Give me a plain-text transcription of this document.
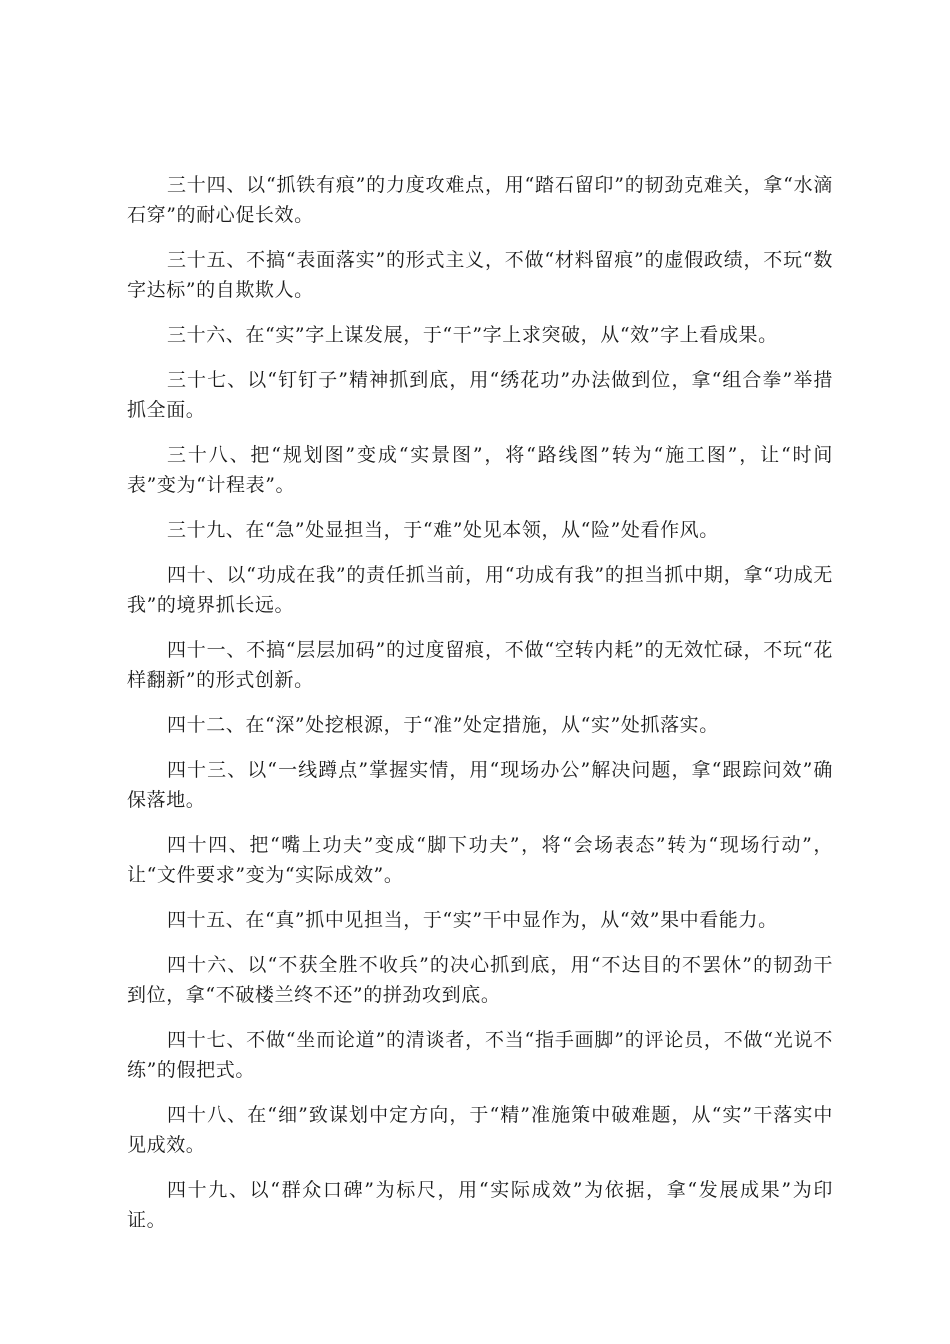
三十四、以“抓铁有痕”的力度攻难点，用“踏石留印”的韧劲克难关，拿“水滴石穿”的耐心促长效。

三十五、不搞“表面落实”的形式主义，不做“材料留痕”的虚假政绩，不玩“数字达标”的自欺欺人。

三十六、在“实”字上谋发展，于“干”字上求突破，从“效”字上看成果。

三十七、以“钉钉子”精神抓到底，用“绣花功”办法做到位，拿“组合拳”举措抓全面。

三十八、把“规划图”变成“实景图”，将“路线图”转为“施工图”，让“时间表”变为“计程表”。

三十九、在“急”处显担当，于“难”处见本领，从“险”处看作风。

四十、以“功成在我”的责任抓当前，用“功成有我”的担当抓中期，拿“功成无我”的境界抓长远。

四十一、不搞“层层加码”的过度留痕，不做“空转内耗”的无效忙碌，不玩“花样翻新”的形式创新。

四十二、在“深”处挖根源，于“准”处定措施，从“实”处抓落实。

四十三、以“一线蹲点”掌握实情，用“现场办公”解决问题，拿“跟踪问效”确保落地。

四十四、把“嘴上功夫”变成“脚下功夫”，将“会场表态”转为“现场行动”，让“文件要求”变为“实际成效”。

四十五、在“真”抓中见担当，于“实”干中显作为，从“效”果中看能力。

四十六、以“不获全胜不收兵”的决心抓到底，用“不达目的不罢休”的韧劲干到位，拿“不破楼兰终不还”的拼劲攻到底。

四十七、不做“坐而论道”的清谈者，不当“指手画脚”的评论员，不做“光说不练”的假把式。

四十八、在“细”致谋划中定方向，于“精”准施策中破难题，从“实”干落实中见成效。

四十九、以“群众口碑”为标尺，用“实际成效”为依据，拿“发展成果”为印证。
